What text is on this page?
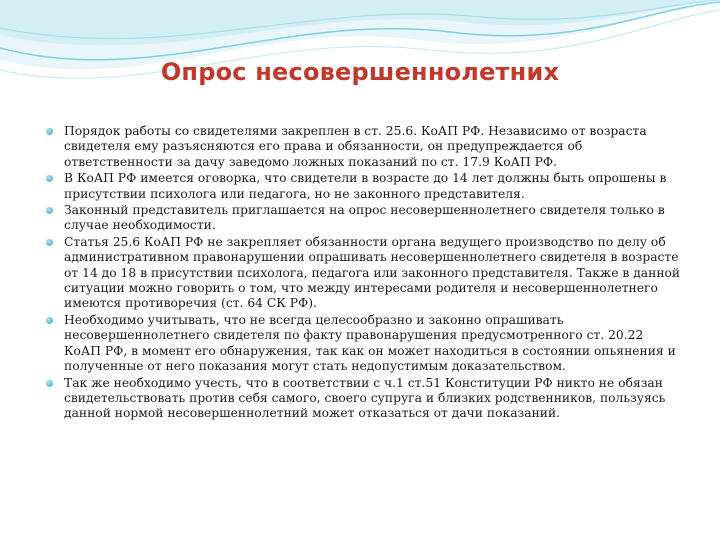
Опрос несовершеннолетних
Порядок работы со свидетелями закреплен в ст. 25.6. КоАП РФ. Независимо от возраста свидетеля ему разъясняются его права и обязанности, он предупреждается об ответственности за дачу заведомо ложных показаний по ст. 17.9 КоАП РФ.
В КоАП РФ имеется оговорка, что свидетели в возрасте до 14 лет должны быть опрошены в присутствии психолога или педагога, но не законного представителя.
Законный представитель приглашается на опрос несовершеннолетнего свидетеля только в случае необходимости.
Статья 25.6 КоАП РФ не закрепляет обязанности органа ведущего производство по делу об административном правонарушении опрашивать несовершеннолетнего свидетеля в возрасте от 14 до 18 в присутствии психолога, педагога или законного представителя. Также в данной ситуации можно говорить о том, что между интересами родителя и несовершеннолетнего имеются противоречия (ст. 64 СК РФ).
Необходимо учитывать, что не всегда целесообразно и законно опрашивать несовершеннолетнего свидетеля по факту правонарушения предусмотренного ст. 20.22 КоАП РФ, в момент его обнаружения, так как он может находиться в состоянии опьянения и полученные от него показания могут стать недопустимым доказательством.
Так же необходимо учесть, что в соответствии с ч.1 ст.51 Конституции РФ никто не обязан свидетельствовать против себя самого, своего супруга и близких родственников, пользуясь данной нормой несовершеннолетний может отказаться от дачи показаний.
